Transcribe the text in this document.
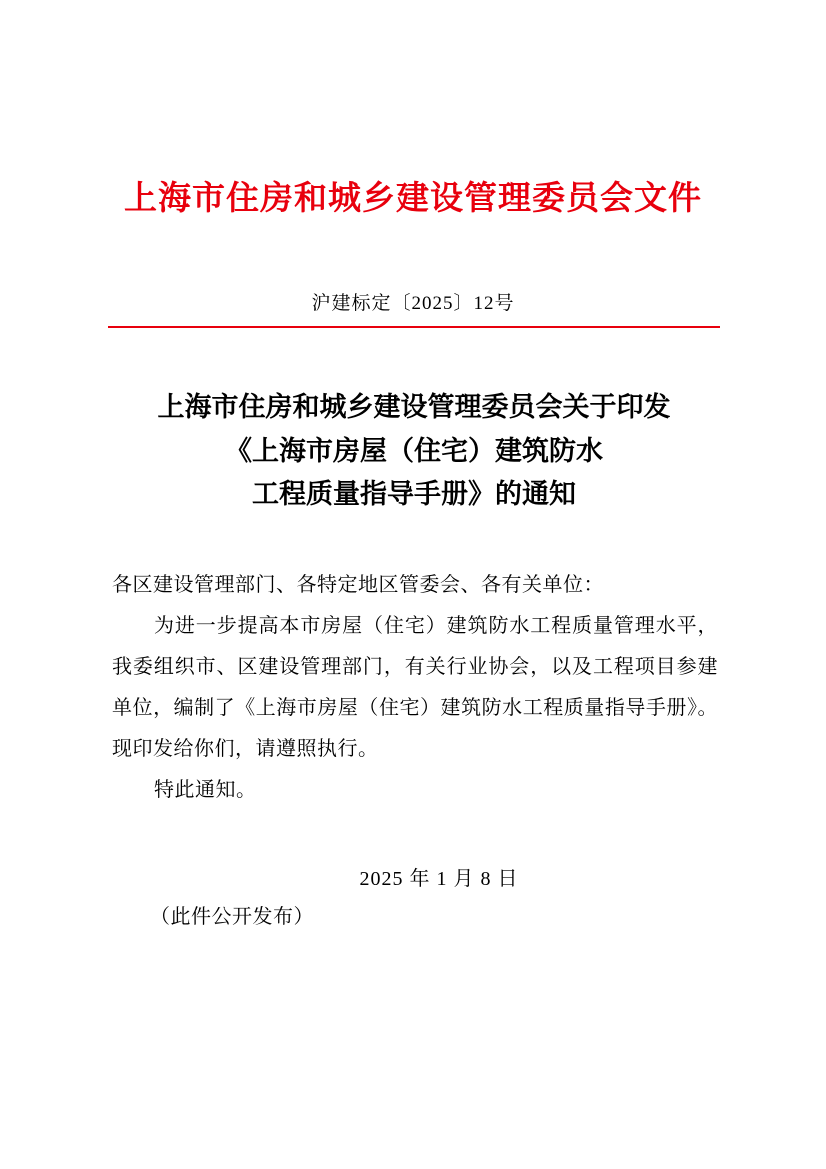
上海市住房和城乡建设管理委员会文件
沪建标定〔2025〕12号
上海市住房和城乡建设管理委员会关于印发
《上海市房屋（住宅）建筑防水
工程质量指导手册》的通知

各区建设管理部门、各特定地区管委会、各有关单位：

为进一步提高本市房屋（住宅）建筑防水工程质量管理水平，我委组织市、区建设管理部门，有关行业协会，以及工程项目参建单位，编制了《上海市房屋（住宅）建筑防水工程质量指导手册》。现印发给你们，请遵照执行。

特此通知。

2025 年 1 月 8 日
（此件公开发布）
